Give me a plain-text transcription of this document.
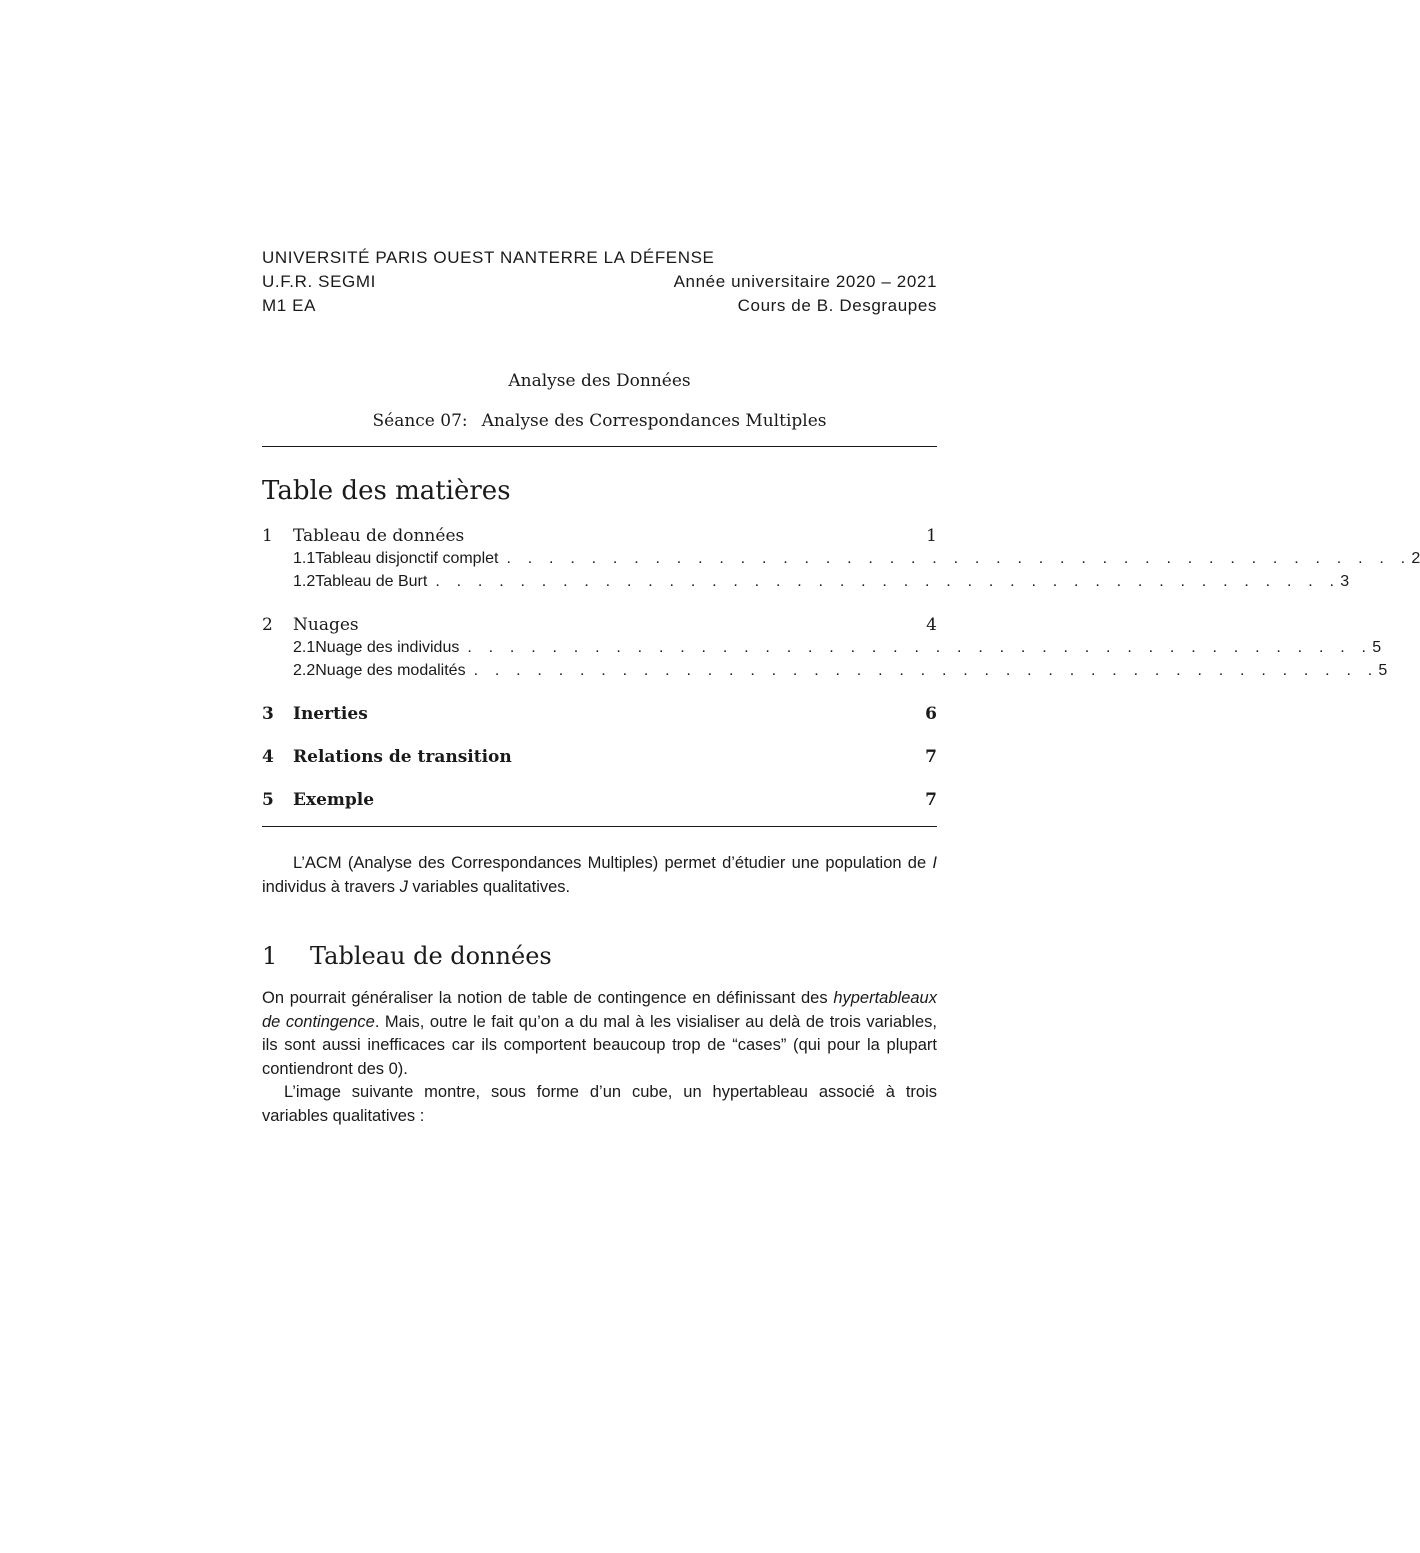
UNIVERSITÉ PARIS OUEST NANTERRE LA DÉFENSE
U.F.R. SEGMI	Année universitaire 2020 – 2021
M1 EA	Cours de B. Desgraupes
Analyse des Données
Séance 07: Analyse des Correspondances Multiples
Table des matières
1	Tableau de données	1
1.1 Tableau disjonctif complet . . . . . . . . . . . . . . . . . . . . . . . . . . . . . . . . . . . . . . . . . . . 2
1.2 Tableau de Burt . . . . . . . . . . . . . . . . . . . . . . . . . . . . . . . . . . . . . . . . . . . 3
2	Nuages	4
2.1 Nuage des individus . . . . . . . . . . . . . . . . . . . . . . . . . . . . . . . . . . . . . . . . . . . 5
2.2 Nuage des modalités . . . . . . . . . . . . . . . . . . . . . . . . . . . . . . . . . . . . . . . . . . . 5
3	Inerties	6
4	Relations de transition	7
5	Exemple	7

L’ACM (Analyse des Correspondances Multiples) permet d’étudier une population de I individus à travers J variables qualitatives.

1	Tableau de données

On pourrait généraliser la notion de table de contingence en définissant des hypertableaux de contingence. Mais, outre le fait qu’on a du mal à les visialiser au delà de trois variables, ils sont aussi inefficaces car ils comportent beaucoup trop de “cases” (qui pour la plupart contiendront des 0).

L’image suivante montre, sous forme d’un cube, un hypertableau associé à trois variables qualitatives :
